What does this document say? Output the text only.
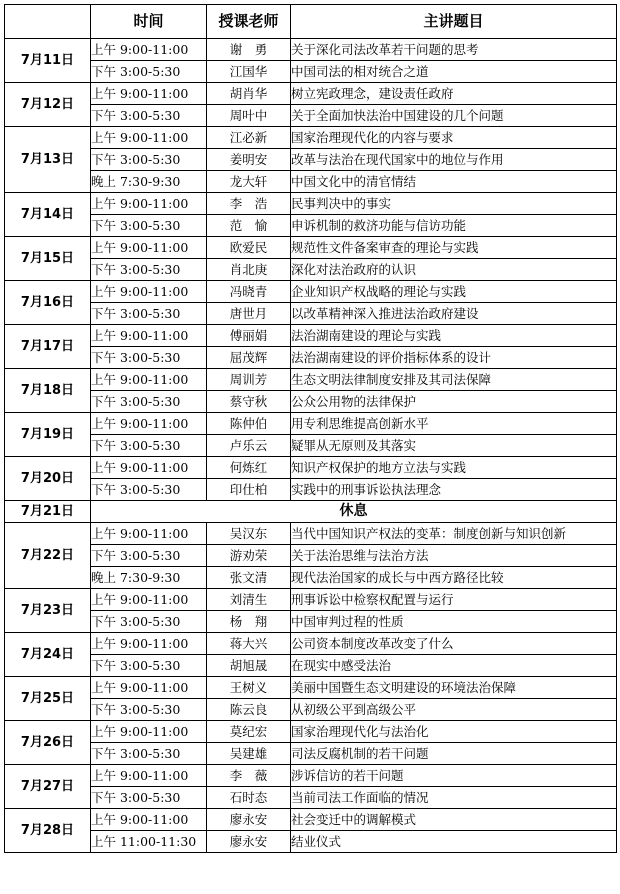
	时间	授课老师	主讲题目
7月11日	上午 9:00-11:00	谢　勇	关于深化司法改革若干问题的思考
	下午 3:00-5:30	江国华	中国司法的相对统合之道
7月12日	上午 9:00-11:00	胡肖华	树立宪政理念，建设责任政府
	下午 3:00-5:30	周叶中	关于全面加快法治中国建设的几个问题
7月13日	上午 9:00-11:00	江必新	国家治理现代化的内容与要求
	下午 3:00-5:30	姜明安	改革与法治在现代国家中的地位与作用
	晚上 7:30-9:30	龙大轩	中国文化中的清官情结
7月14日	上午 9:00-11:00	李　浩	民事判决中的事实
	下午 3:00-5:30	范　愉	申诉机制的救济功能与信访功能
7月15日	上午 9:00-11:00	欧爱民	规范性文件备案审查的理论与实践
	下午 3:00-5:30	肖北庚	深化对法治政府的认识
7月16日	上午 9:00-11:00	冯晓青	企业知识产权战略的理论与实践
	下午 3:00-5:30	唐世月	以改革精神深入推进法治政府建设
7月17日	上午 9:00-11:00	傅丽娟	法治湖南建设的理论与实践
	下午 3:00-5:30	屈茂辉	法治湖南建设的评价指标体系的设计
7月18日	上午 9:00-11:00	周训芳	生态文明法律制度安排及其司法保障
	下午 3:00-5:30	蔡守秋	公众公用物的法律保护
7月19日	上午 9:00-11:00	陈仲伯	用专利思维提高创新水平
	下午 3:00-5:30	卢乐云	疑罪从无原则及其落实
7月20日	上午 9:00-11:00	何炼红	知识产权保护的地方立法与实践
	下午 3:00-5:30	印仕柏	实践中的刑事诉讼执法理念
7月21日	休息		
7月22日	上午 9:00-11:00	吴汉东	当代中国知识产权法的变革：制度创新与知识创新
	下午 3:00-5:30	游劝荣	关于法治思维与法治方法
	晚上 7:30-9:30	张文清	现代法治国家的成长与中西方路径比较
7月23日	上午 9:00-11:00	刘清生	刑事诉讼中检察权配置与运行
	下午 3:00-5:30	杨　翔	中国审判过程的性质
7月24日	上午 9:00-11:00	蒋大兴	公司资本制度改革改变了什么
	下午 3:00-5:30	胡旭晟	在现实中感受法治
7月25日	上午 9:00-11:00	王树义	美丽中国暨生态文明建设的环境法治保障
	下午 3:00-5:30	陈云良	从初级公平到高级公平
7月26日	上午 9:00-11:00	莫纪宏	国家治理现代化与法治化
	下午 3:00-5:30	吴建雄	司法反腐机制的若干问题
7月27日	上午 9:00-11:00	李　薇	涉诉信访的若干问题
	下午 3:00-5:30	石时态	当前司法工作面临的情况
7月28日	上午 9:00-11:00	廖永安	社会变迁中的调解模式
	上午 11:00-11:30	廖永安	结业仪式
